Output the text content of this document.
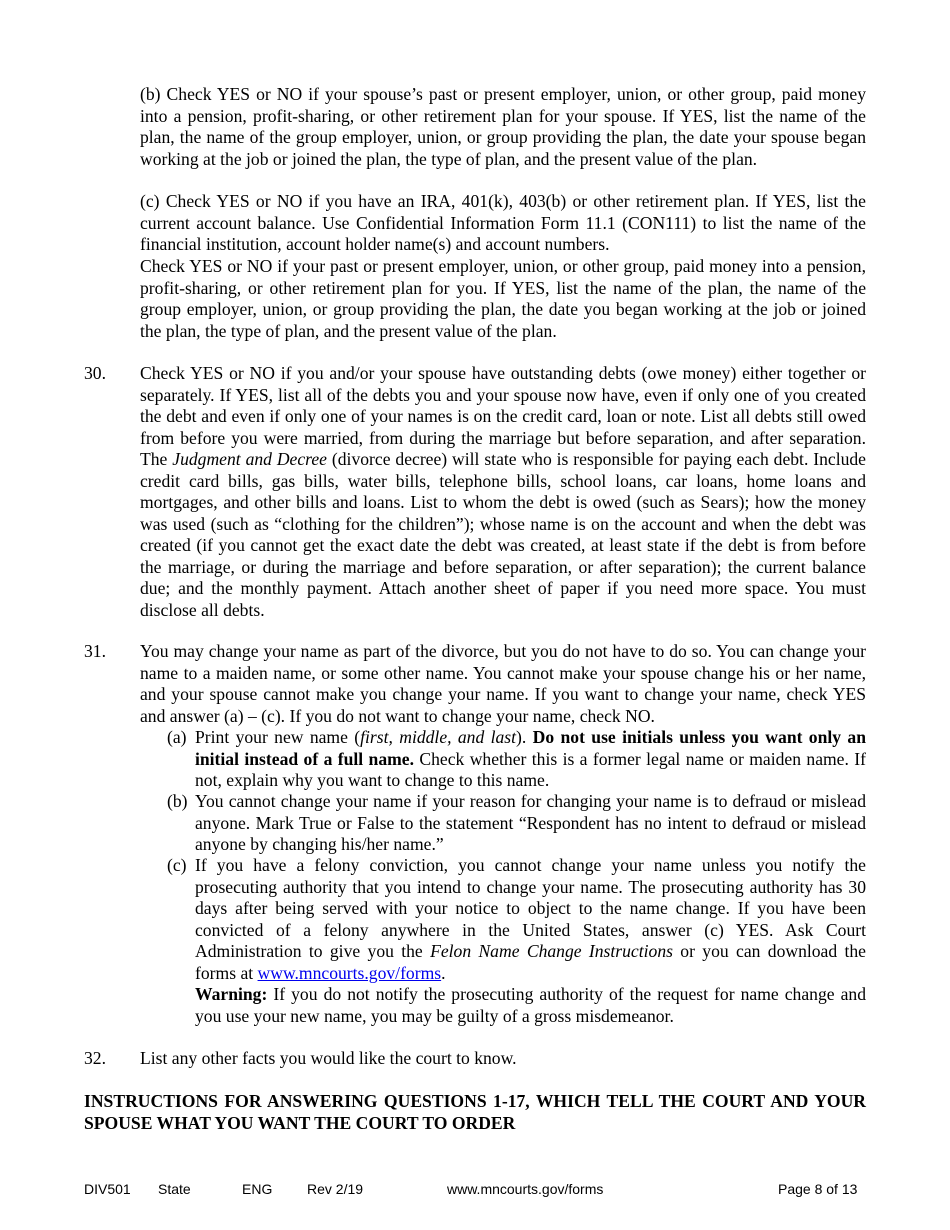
(b) Check YES or NO if your spouse’s past or present employer, union, or other group, paid money into a pension, profit-sharing, or other retirement plan for your spouse. If YES, list the name of the plan, the name of the group employer, union, or group providing the plan, the date your spouse began working at the job or joined the plan, the type of plan, and the present value of the plan.

(c) Check YES or NO if you have an IRA, 401(k), 403(b) or other retirement plan. If YES, list the current account balance. Use Confidential Information Form 11.1 (CON111) to list the name of the financial institution, account holder name(s) and account numbers.

Check YES or NO if your past or present employer, union, or other group, paid money into a pension, profit-sharing, or other retirement plan for you. If YES, list the name of the plan, the name of the group employer, union, or group providing the plan, the date you began working at the job or joined the plan, the type of plan, and the present value of the plan.

30. Check YES or NO if you and/or your spouse have outstanding debts (owe money) either together or separately. If YES, list all of the debts you and your spouse now have, even if only one of you created the debt and even if only one of your names is on the credit card, loan or note. List all debts still owed from before you were married, from during the marriage but before separation, and after separation. The Judgment and Decree (divorce decree) will state who is responsible for paying each debt. Include credit card bills, gas bills, water bills, telephone bills, school loans, car loans, home loans and mortgages, and other bills and loans. List to whom the debt is owed (such as Sears); how the money was used (such as “clothing for the children”); whose name is on the account and when the debt was created (if you cannot get the exact date the debt was created, at least state if the debt is from before the marriage, or during the marriage and before separation, or after separation); the current balance due; and the monthly payment. Attach another sheet of paper if you need more space. You must disclose all debts.

31. You may change your name as part of the divorce, but you do not have to do so. You can change your name to a maiden name, or some other name. You cannot make your spouse change his or her name, and your spouse cannot make you change your name. If you want to change your name, check YES and answer (a) – (c). If you do not want to change your name, check NO.

(a) Print your new name (first, middle, and last). Do not use initials unless you want only an initial instead of a full name. Check whether this is a former legal name or maiden name. If not, explain why you want to change to this name.
(b) You cannot change your name if your reason for changing your name is to defraud or mislead anyone. Mark True or False to the statement “Respondent has no intent to defraud or mislead anyone by changing his/her name.”
(c) If you have a felony conviction, you cannot change your name unless you notify the prosecuting authority that you intend to change your name. The prosecuting authority has 30 days after being served with your notice to object to the name change. If you have been convicted of a felony anywhere in the United States, answer (c) YES. Ask Court Administration to give you the Felon Name Change Instructions or you can download the forms at www.mncourts.gov/forms.

Warning: If you do not notify the prosecuting authority of the request for name change and you use your new name, you may be guilty of a gross misdemeanor.

32. List any other facts you would like the court to know.

INSTRUCTIONS FOR ANSWERING QUESTIONS 1-17, WHICH TELL THE COURT AND YOUR SPOUSE WHAT YOU WANT THE COURT TO ORDER

DIV501 State	ENG Rev 2/19	www.mncourts.gov/forms	Page 8 of 13
